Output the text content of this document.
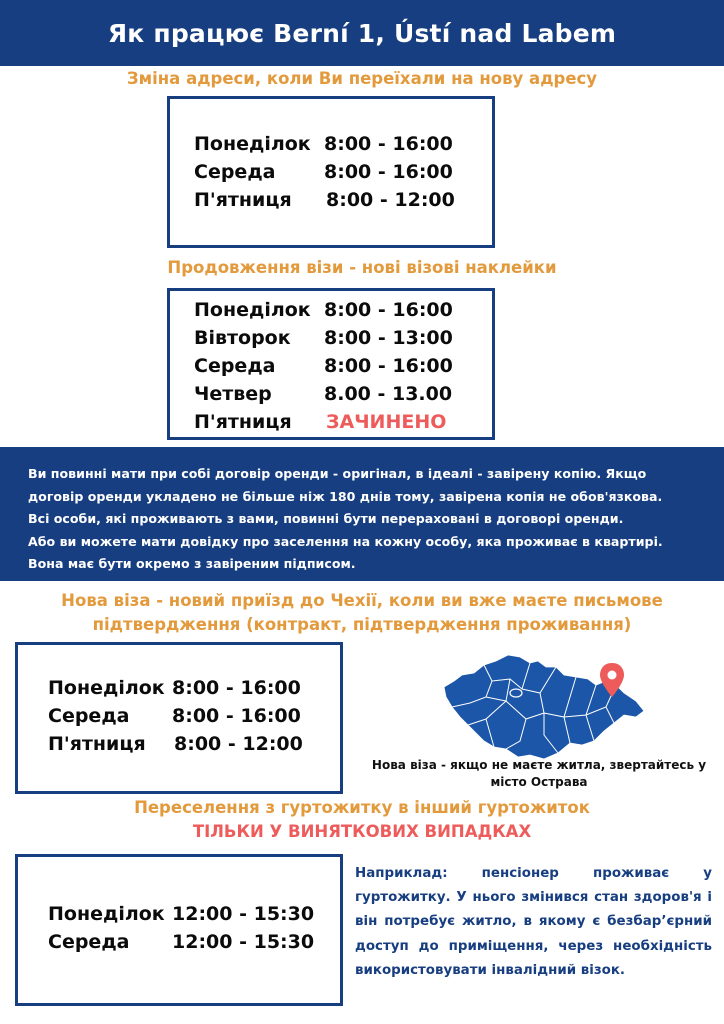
Як працює Berní 1, Ústí nad Labem
Зміна адреси, коли Ви переїхали на нову адресу
Понеділок 8:00 - 16:00
Середа	8:00 - 16:00
П'ятниця 8:00 - 12:00
Продовження візи - нові візові наклейки
Понеділок 8:00 - 16:00
Вівторок 8:00 - 13:00
Середа	8:00 - 16:00
Четвер	8.00 - 13.00
П'ятниця ЗАЧИНЕНО
Ви повинні мати при собі договір оренди - оригінал, в ідеалі - завірену копію. Якщо
договір оренди укладено не більше ніж 180 днів тому, завірена копія не обов'язкова.
Всі особи, які проживають з вами, повинні бути перераховані в договорі оренди.
Або ви можете мати довідку про заселення на кожну особу, яка проживає в квартирі.
Вона має бути окремо з завіреним підписом.
Нова віза - новий приїзд до Чехії, коли ви вже маєте письмове
підтвердження (контракт, підтвердження проживання)
Понеділок 8:00 - 16:00
Середа 8:00 - 16:00
П'ятниця 8:00 - 12:00
Нова віза - якщо не маєте житла, звертайтесь у
місто Острава
Переселення з гуртожитку в інший гуртожиток
ТІЛЬКИ У ВИНЯТКОВИХ ВИПАДКАХ
Понеділок 12:00 - 15:30
Середа 12:00 - 15:30
Наприклад: пенсіонер проживає у гуртожитку. У нього змінився стан здоров'я і він потребує житло, в якому є безбар’єрний доступ до приміщення, через необхідність використовувати інвалідний візок.
